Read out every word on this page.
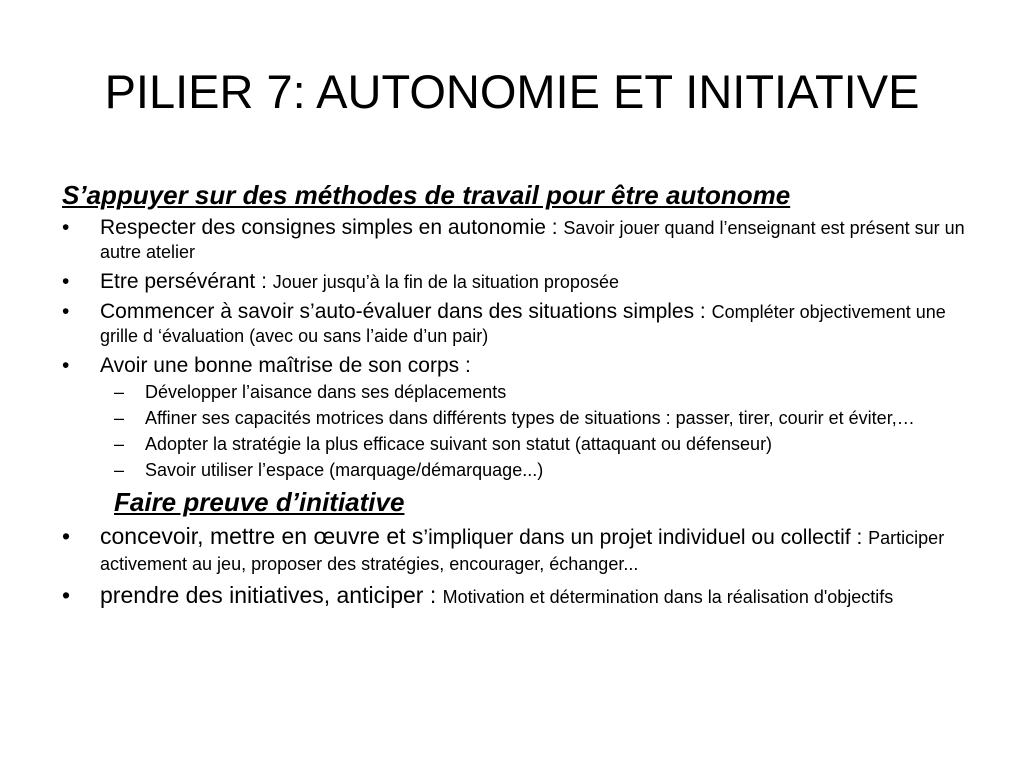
PILIER 7: AUTONOMIE ET INITIATIVE
S’appuyer sur des méthodes de travail pour être autonome
• Respecter des consignes simples en autonomie : Savoir jouer quand l’enseignant est présent sur un autre atelier
• Etre persévérant : Jouer jusqu’à la fin de la situation proposée
• Commencer à savoir s’auto-évaluer dans des situations simples : Compléter objectivement une grille d ‘évaluation (avec ou sans l’aide d’un pair)
• Avoir une bonne maîtrise de son corps :
– Développer l’aisance dans ses déplacements
– Affiner ses capacités motrices dans différents types de situations : passer, tirer, courir et éviter,…
– Adopter la stratégie la plus efficace suivant son statut (attaquant ou défenseur)
– Savoir utiliser l’espace (marquage/démarquage...)
Faire preuve d’initiative
• concevoir, mettre en œuvre et s’impliquer dans un projet individuel ou collectif : Participer activement au jeu, proposer des stratégies, encourager, échanger...
• prendre des initiatives, anticiper : Motivation et détermination dans la réalisation d'objectifs
